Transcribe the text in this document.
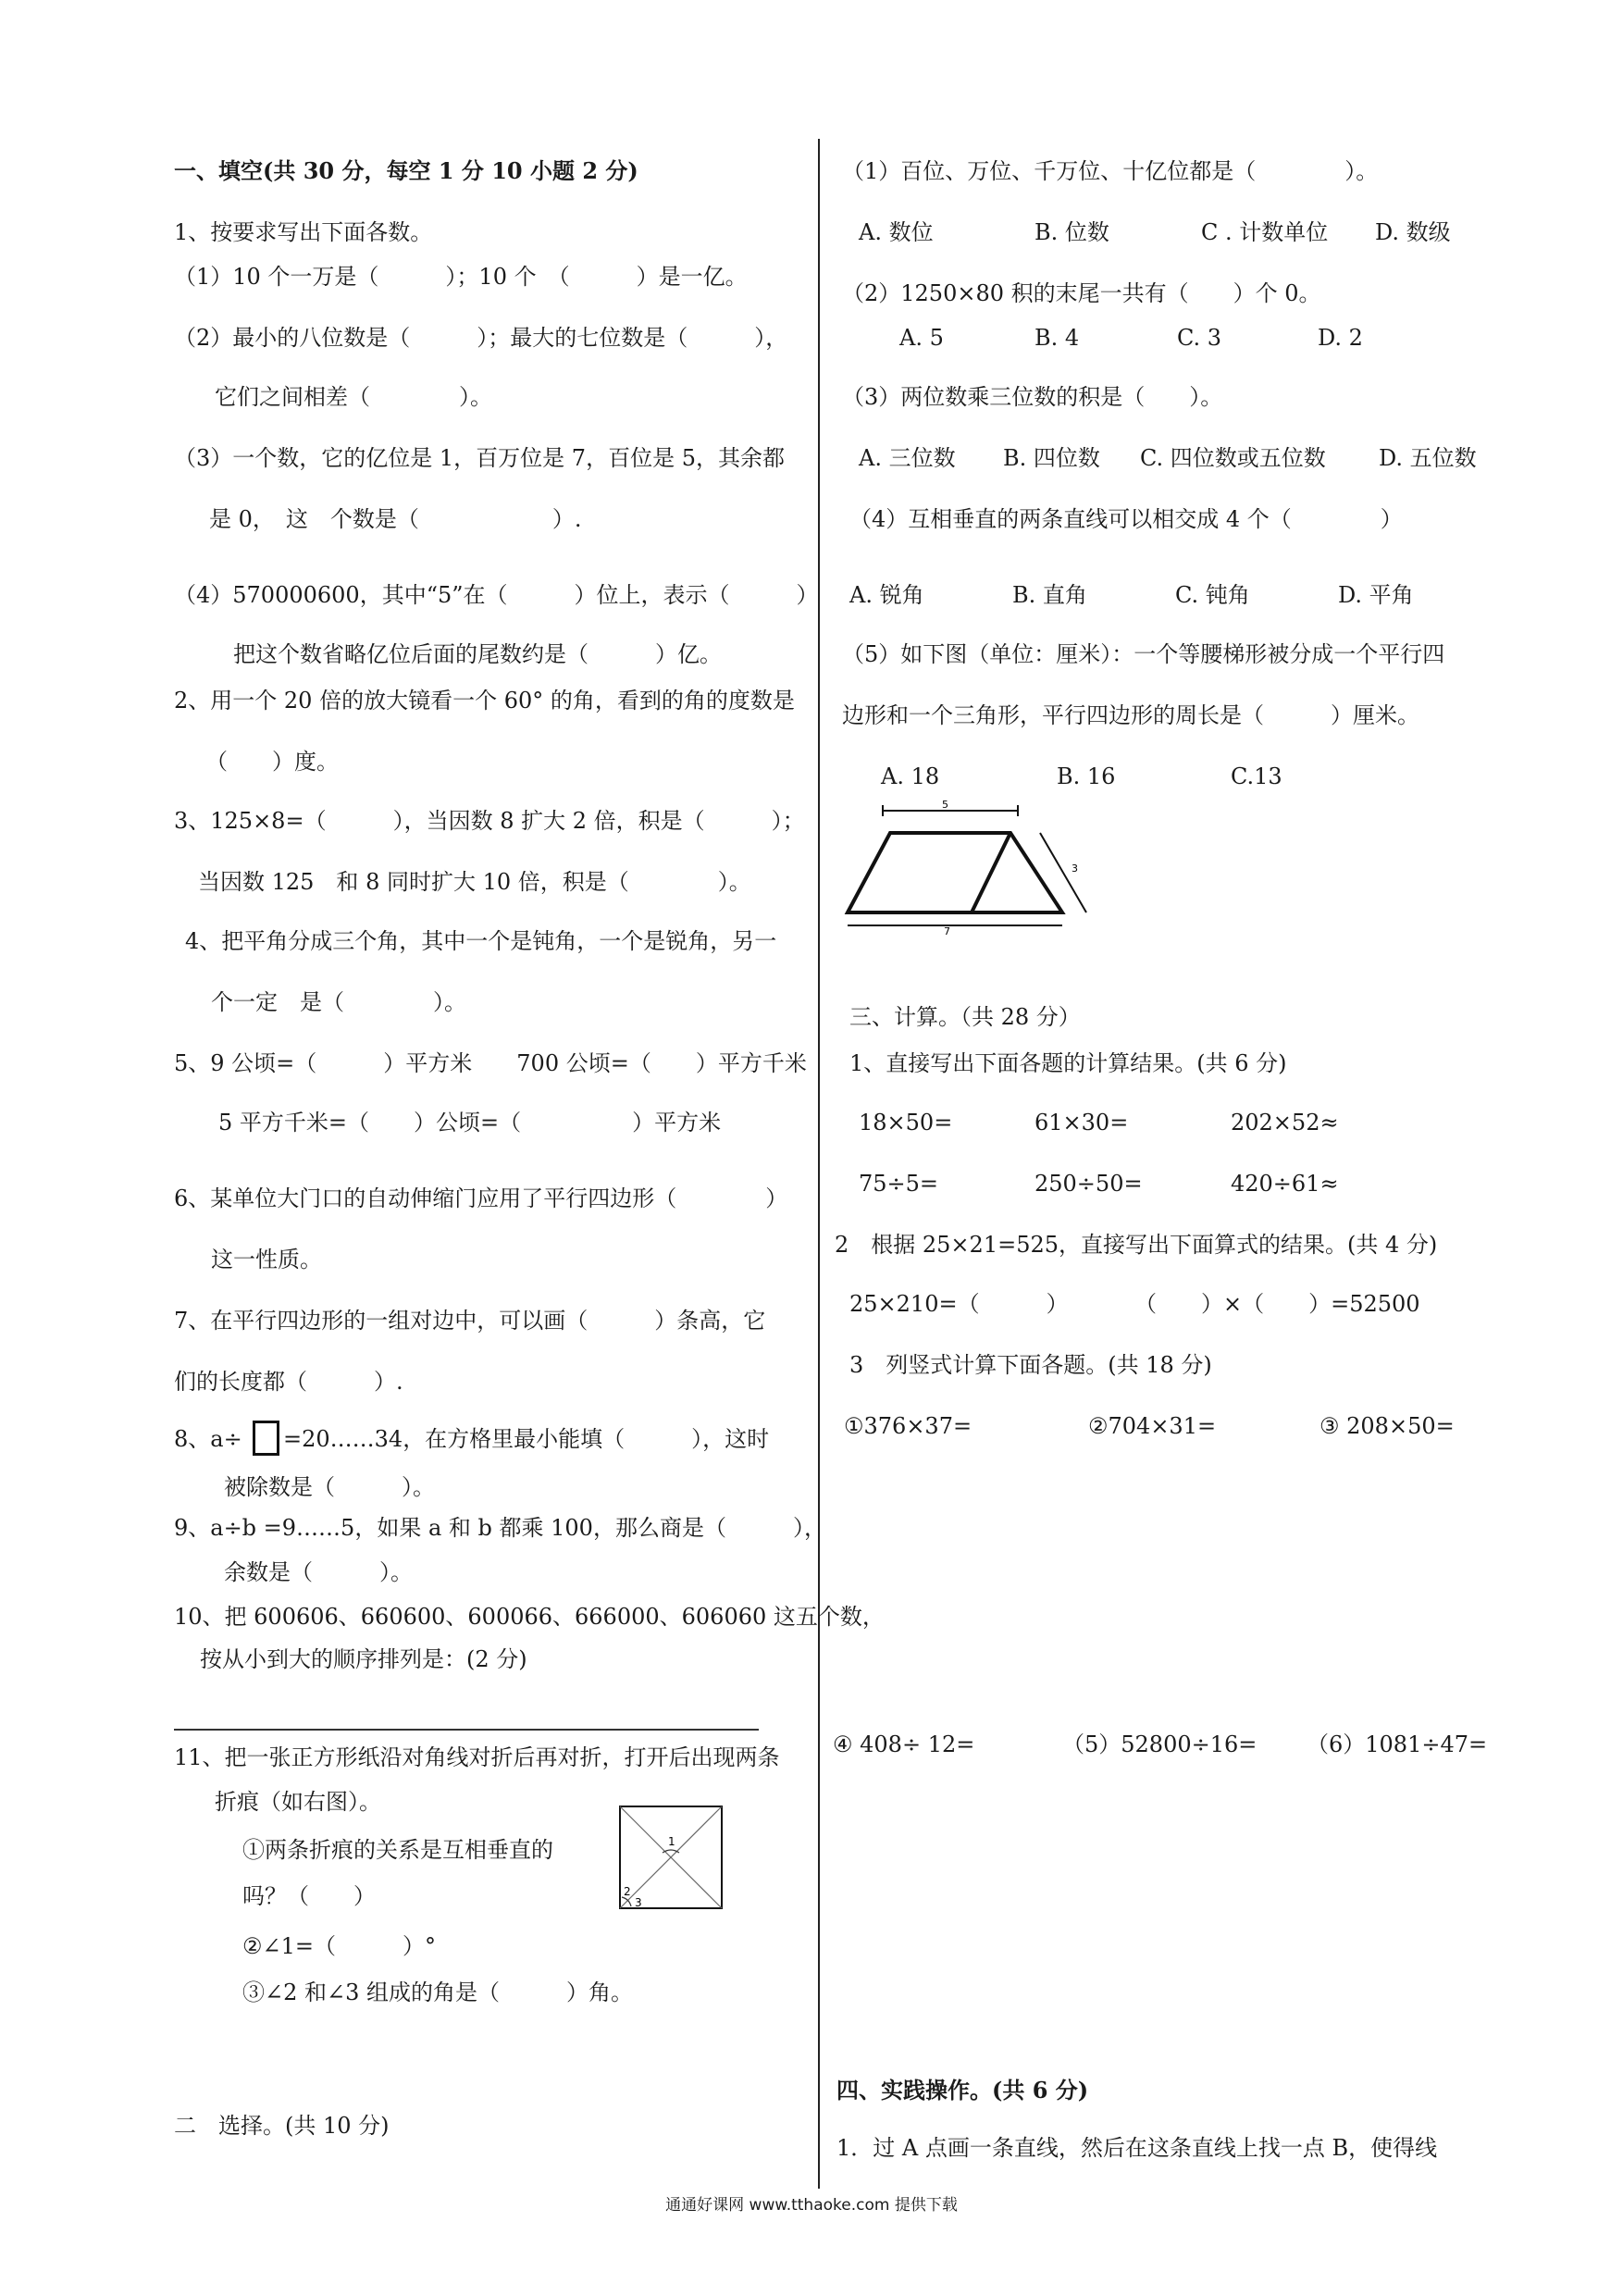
一、填空(共 30 分，每空 1 分 10 小题 2 分)
1、按要求写出下面各数。
（1）10 个一万是（　　　）；10 个　（　　　）是一亿。
（2）最小的八位数是（　　　）；最大的七位数是（　　　），
它们之间相差（　　　　）。
（3）一个数，它的亿位是 1，百万位是 7，百位是 5，其余都
是 0，　这　个数是（　　　　　　）.
（4）570000600，其中“5”在（　　　）位上，表示（　　　）
把这个数省略亿位后面的尾数约是（　　　）亿。
2、用一个 20 倍的放大镜看一个 60° 的角，看到的角的度数是
（　　）度。
3、125×8=（　　　），当因数 8 扩大 2 倍，积是（　　　）；
当因数 125　和 8 同时扩大 10 倍，积是（　　　　）。
4、把平角分成三个角，其中一个是钝角，一个是锐角，另一
个一定　是（　　　　）。
5、9 公顷=（　　　）平方米　　700 公顷=（　　）平方千米
5 平方千米=（　　）公顷=（　　　　　）平方米
6、某单位大门口的自动伸缩门应用了平行四边形（　　　　）
这一性质。
7、在平行四边形的一组对边中，可以画（　　　）条高，它
们的长度都（　　　）.
8、a÷ =20……34，在方格里最小能填（　　　），这时
被除数是（　　　）。
9、a÷b =9……5，如果 a 和 b 都乘 100，那么商是（　　　），
余数是（　　　）。
10、把 600606、660600、600066、666000、606060 这五个数，
按从小到大的顺序排列是：(2 分)
11、把一张正方形纸沿对角线对折后再对折，打开后出现两条
折痕（如右图）。
①两条折痕的关系是互相垂直的
吗？（　　）
②∠1=（　　　）°
③∠2 和∠3 组成的角是（　　　）角。
1
2
3
二　选择。(共 10 分)
（1）百位、万位、千万位、十亿位都是（　　　　）。
A. 数位	B. 位数	C . 计数单位 D. 数级
（2）1250×80 积的末尾一共有（　　）个 0。
A. 5	B. 4	C. 3	D. 2
（3）两位数乘三位数的积是（　　）。
A. 三位数 B. 四位数 C. 四位数或五位数 D. 五位数
（4）互相垂直的两条直线可以相交成 4 个（　　　　）
A. 锐角	B. 直角	C. 钝角	D. 平角
（5）如下图（单位：厘米）：一个等腰梯形被分成一个平行四
边形和一个三角形，平行四边形的周长是（　　　）厘米。
A. 18	B. 16	C.13
5
3
7
三、计算。（共 28 分）
1、直接写出下面各题的计算结果。(共 6 分)
18×50=	61×30=	202×52≈
75÷5=	250÷50=	420÷61≈
2　根据 25×21=525，直接写出下面算式的结果。(共 4 分)
25×210=（　　　）	（　　）×（　　）=52500
3　列竖式计算下面各题。(共 18 分)
①376×37=	②704×31=	③ 208×50=
④ 408÷ 12=	（5）52800÷16= （6）1081÷47=
四、实践操作。(共 6 分)
1．过 A 点画一条直线，然后在这条直线上找一点 B，使得线
通通好课网 www.tthaoke.com 提供下载
